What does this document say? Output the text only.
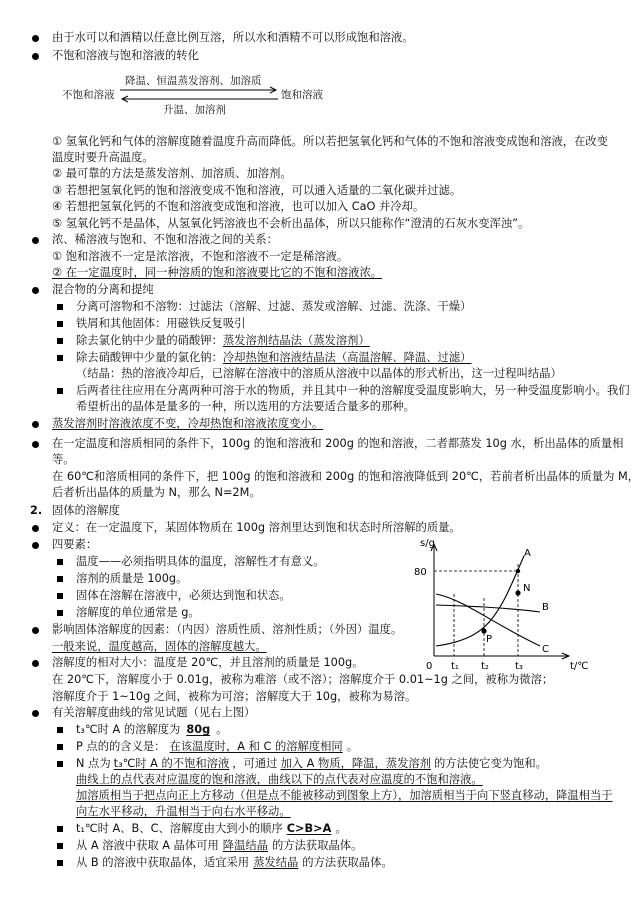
由于水可以和酒精以任意比例互溶，所以水和酒精不可以形成饱和溶液。
不饱和溶液与饱和溶液的转化
降温、恒温蒸发溶剂、加溶质
不饱和溶液	饱和溶液
升温、加溶剂
① 氢氧化钙和气体的溶解度随着温度升高而降低。所以若把氢氧化钙和气体的不饱和溶液变成饱和溶液，在改变
温度时要升高温度。
② 最可靠的方法是蒸发溶剂、加溶质、加溶剂。
③ 若想把氢氧化钙的饱和溶液变成不饱和溶液，可以通入适量的二氧化碳并过滤。
④ 若想把氢氧化钙的不饱和溶液变成饱和溶液，也可以加入 CaO 并冷却。
⑤ 氢氧化钙不是晶体，从氢氧化钙溶液也不会析出晶体，所以只能称作“澄清的石灰水变浑浊”。
浓、稀溶液与饱和、不饱和溶液之间的关系：
① 饱和溶液不一定是浓溶液，不饱和溶液不一定是稀溶液。
② 在一定温度时，同一种溶质的饱和溶液要比它的不饱和溶液浓。
混合物的分离和提纯
分离可溶物和不溶物：过滤法（溶解、过滤、蒸发或溶解、过滤、洗涤、干燥）
铁屑和其他固体：用磁铁反复吸引
除去氯化钠中少量的硝酸钾：蒸发溶剂结晶法（蒸发溶剂）
除去硝酸钾中少量的氯化钠：冷却热饱和溶液结晶法（高温溶解、降温、过滤）
（结晶：热的溶液冷却后，已溶解在溶液中的溶质从溶液中以晶体的形式析出，这一过程叫结晶）
后两者往往应用在分离两种可溶于水的物质，并且其中一种的溶解度受温度影响大，另一种受温度影响小。我们
希望析出的晶体是量多的一种，所以选用的方法要适合量多的那种。
蒸发溶剂时溶液浓度不变，冷却热饱和溶液浓度变小。
在一定温度和溶质相同的条件下，100g 的饱和溶液和 200g 的饱和溶液，二者都蒸发 10g 水，析出晶体的质量相
等。
在 60℃和溶质相同的条件下，把 100g 的饱和溶液和 200g 的饱和溶液降低到 20℃，若前者析出晶体的质量为 M，
后者析出晶体的质量为 N，那么 N=2M。
2. 固体的溶解度
定义：在一定温度下，某固体物质在 100g 溶剂里达到饱和状态时所溶解的质量。
四要素：
温度——必须指明具体的温度，溶解性才有意义。
溶剂的质量是 100g。
固体在溶解在溶液中，必须达到饱和状态。
溶解度的单位通常是 g。
影响固体溶解度的因素：（内因）溶质性质、溶剂性质；（外因）温度。
一般来说，温度越高，固体的溶解度越大。
溶解度的相对大小：温度是 20℃，并且溶剂的质量是 100g。
在 20℃下，溶解度小于 0.01g，被称为难溶（或不溶）；溶解度介于 0.01~1g 之间，被称为微溶；
溶解度介于 1~10g 之间，被称为可溶；溶解度大于 10g，被称为易溶。
有关溶解度曲线的常见试题（见右上图）
t₃℃时 A 的溶解度为 80g 。
P 点的的含义是： 在该温度时，A 和 C 的溶解度相同 。
N 点为 t₃℃时 A 的不饱和溶液 ，可通过 加入 A 物质，降温，蒸发溶剂 的方法使它变为饱和。
曲线上的点代表对应温度的饱和溶液，曲线以下的点代表对应温度的不饱和溶液。
加溶质相当于把点向正上方移动（但是点不能被移动到图象上方），加溶质相当于向下竖直移动，降温相当于
向左水平移动，升温相当于向右水平移动。
t₁℃时 A、B、C、溶解度由大到小的顺序 C>B>A 。
从 A 溶液中获取 A 晶体可用 降温结晶 的方法获取晶体。
从 B 的溶液中获取晶体，适宜采用 蒸发结晶 的方法获取晶体。
s/g
80
0 t₁ t₂	t₃	t/℃
A
N
B
P
C
